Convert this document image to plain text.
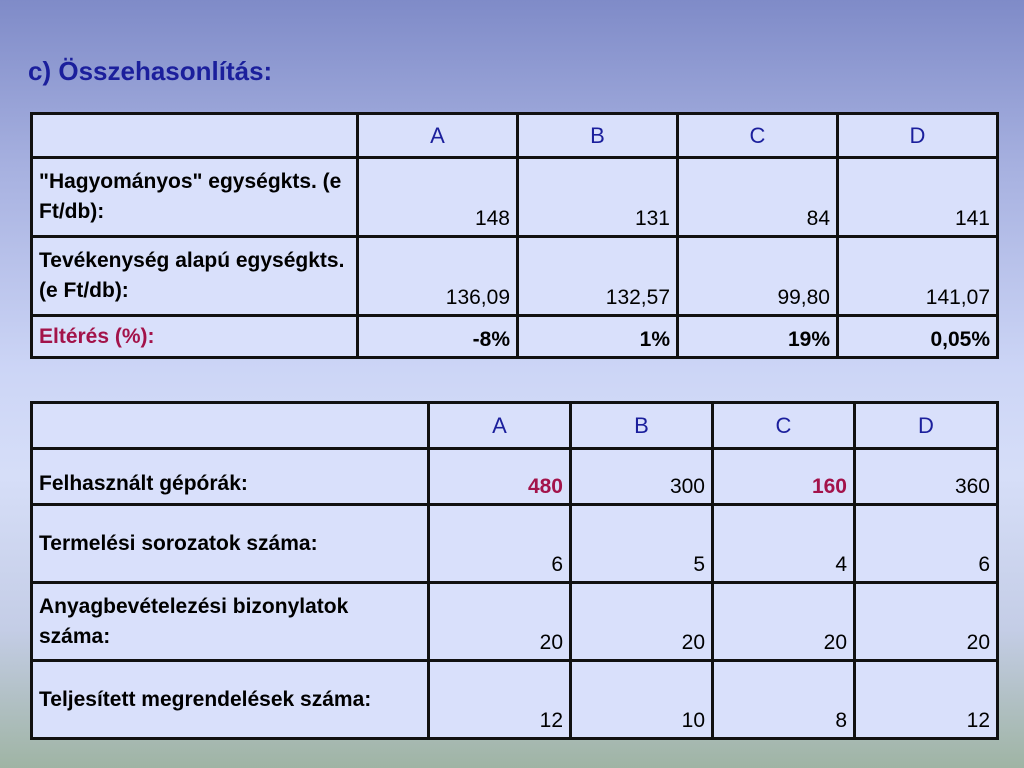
c) Összehasonlítás:
	A	B	C	D
"Hagyományos" egységkts. (e Ft/db):	148	131	84	141
Tevékenység alapú egységkts. (e Ft/db):	136,09	132,57	99,80	141,07
Eltérés (%):	-8%	1%	19%	0,05%
	A	B	C	D
Felhasznált gépórák:	480	300	160	360
Termelési sorozatok száma:	6	5	4	6
Anyagbevételezési bizonylatok száma:	20	20	20	20
Teljesített megrendelések száma:	12	10	8	12
